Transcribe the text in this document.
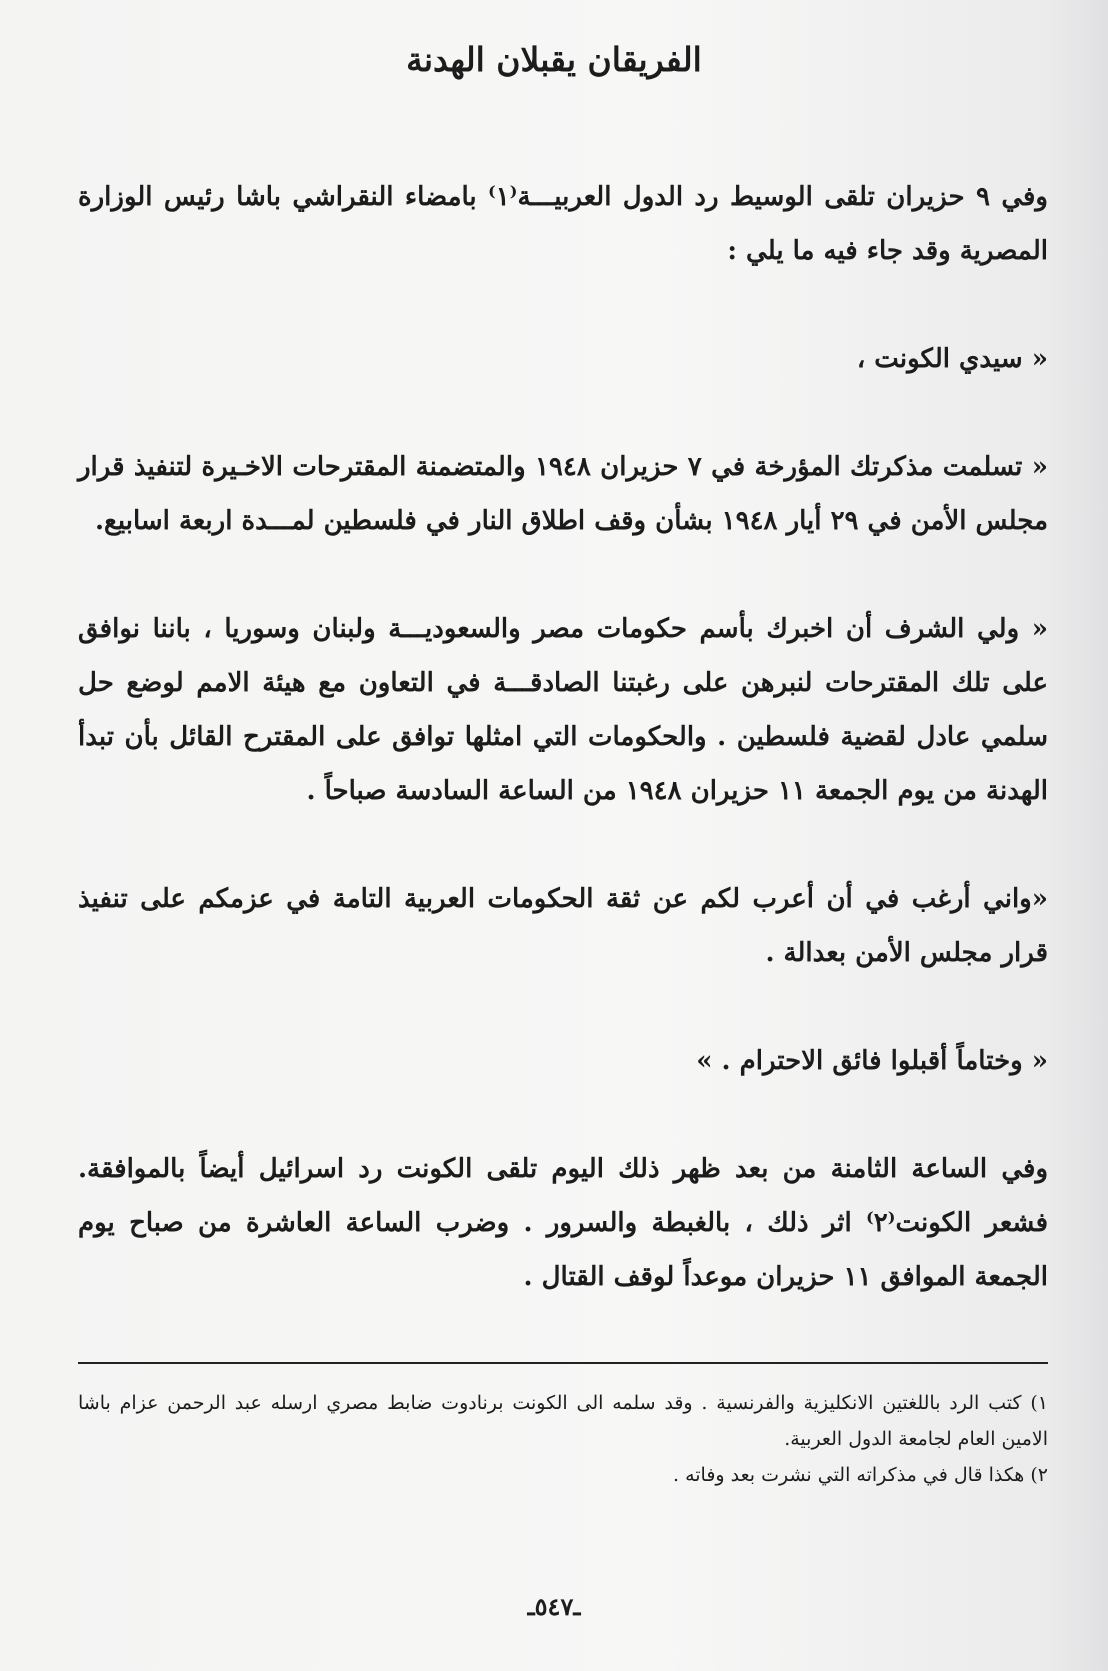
الفريقان يقبلان الهدنة

وفي ٩ حزيران تلقى الوسيط رد الدول العربيـــة⁽١⁾ بامضاء النقراشي باشا رئيس الوزارة المصرية وقد جاء فيه ما يلي :

« سيدي الكونت ،

« تسلمت مذكرتك المؤرخة في ٧ حزيران ١٩٤٨ والمتضمنة المقترحات الاخـيرة لتنفيذ قرار مجلس الأمن في ٢٩ أيار ١٩٤٨ بشأن وقف اطلاق النار في فلسطين لمـــدة اربعة اسابيع.

« ولي الشرف أن اخبرك بأسم حكومات مصر والسعوديـــة ولبنان وسوريا ، باننا نوافق على تلك المقترحات لنبرهن على رغبتنا الصادقـــة في التعاون مع هيئة الامم لوضع حل سلمي عادل لقضية فلسطين . والحكومات التي امثلها توافق على المقترح القائل بأن تبدأ الهدنة من يوم الجمعة ١١ حزيران ١٩٤٨ من الساعة السادسة صباحاً .

«واني أرغب في أن أعرب لكم عن ثقة الحكومات العربية التامة في عزمكم على تنفيذ قرار مجلس الأمن بعدالة .

« وختاماً أقبلوا فائق الاحترام . »

وفي الساعة الثامنة من بعد ظهر ذلك اليوم تلقى الكونت رد اسرائيل أيضاً بالموافقة. فشعر الكونت⁽٢⁾ اثر ذلك ، بالغبطة والسرور . وضرب الساعة العاشرة من صباح يوم الجمعة الموافق ١١ حزيران موعداً لوقف القتال .

١) كتب الرد باللغتين الانكليزية والفرنسية . وقد سلمه الى الكونت برنادوت ضابط مصري ارسله عبد الرحمن عزام باشا الامين العام لجامعة الدول العربية.

٢) هكذا قال في مذكراته التي نشرت بعد وفاته .

ـ٥٤٧ـ
